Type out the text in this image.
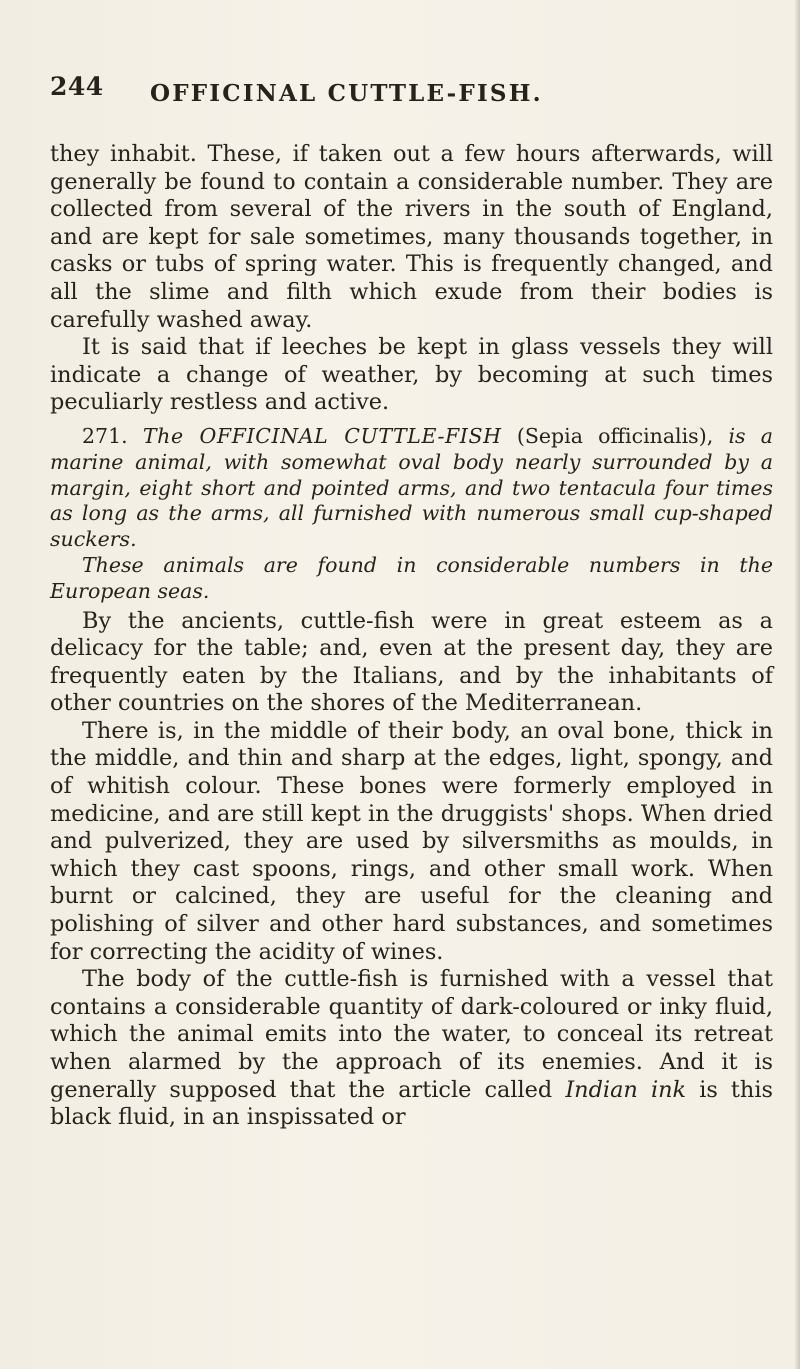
244 OFFICINAL CUTTLE-FISH.

they inhabit. These, if taken out a few hours afterwards, will generally be found to contain a considerable number. They are collected from several of the rivers in the south of England, and are kept for sale sometimes, many thousands together, in casks or tubs of spring water. This is frequently changed, and all the slime and filth which exude from their bodies is carefully washed away.

It is said that if leeches be kept in glass vessels they will indicate a change of weather, by becoming at such times peculiarly restless and active.

271. The OFFICINAL CUTTLE-FISH (Sepia officinalis), is a marine animal, with somewhat oval body nearly surrounded by a margin, eight short and pointed arms, and two tentacula four times as long as the arms, all furnished with numerous small cup-shaped suckers.

These animals are found in considerable numbers in the European seas.

By the ancients, cuttle-fish were in great esteem as a delicacy for the table; and, even at the present day, they are frequently eaten by the Italians, and by the inhabitants of other countries on the shores of the Mediterranean.

There is, in the middle of their body, an oval bone, thick in the middle, and thin and sharp at the edges, light, spongy, and of whitish colour. These bones were formerly employed in medicine, and are still kept in the druggists' shops. When dried and pulverized, they are used by silversmiths as moulds, in which they cast spoons, rings, and other small work. When burnt or calcined, they are useful for the cleaning and polishing of silver and other hard substances, and sometimes for correcting the acidity of wines.

The body of the cuttle-fish is furnished with a vessel that contains a considerable quantity of dark-coloured or inky fluid, which the animal emits into the water, to conceal its retreat when alarmed by the approach of its enemies. And it is generally supposed that the article called Indian ink is this black fluid, in an inspissated or
